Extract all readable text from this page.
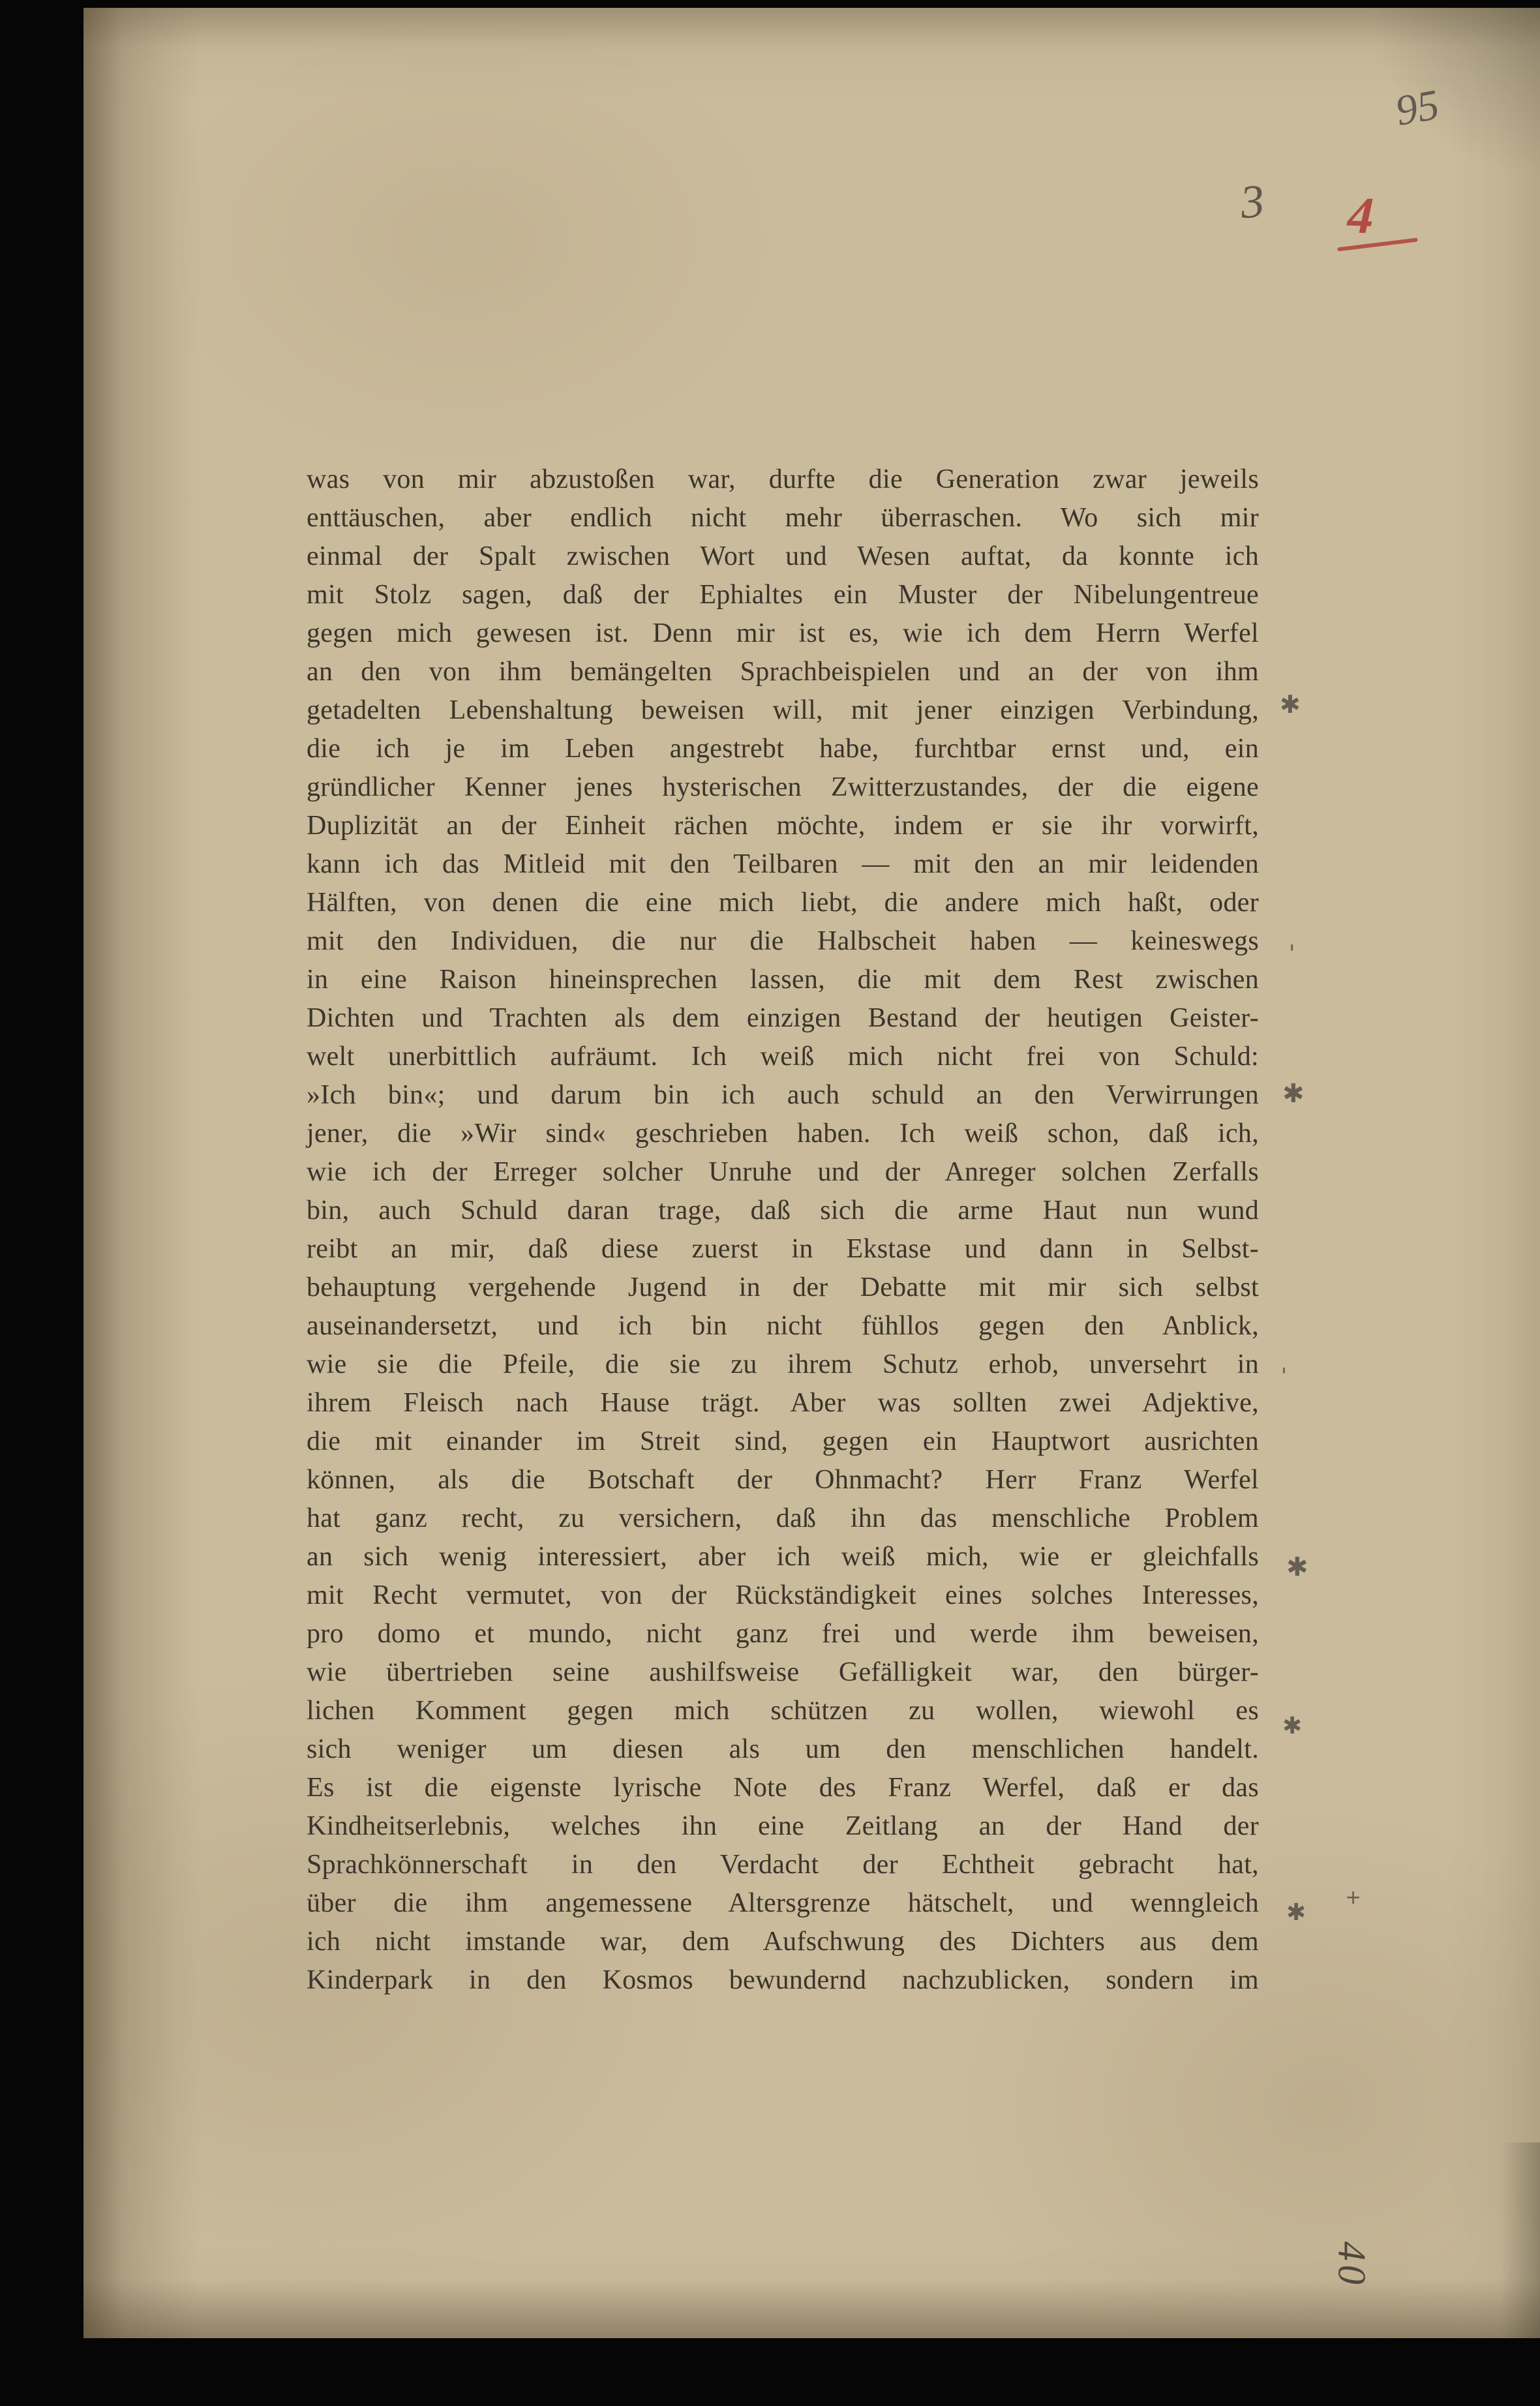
was von mir abzustoßen war, durfte die Generation zwar jeweils
enttäuschen, aber endlich nicht mehr überraschen. Wo sich mir
einmal der Spalt zwischen Wort und Wesen auftat, da konnte ich
mit Stolz sagen, daß der Ephialtes ein Muster der Nibelungentreue
gegen mich gewesen ist. Denn mir ist es, wie ich dem Herrn Werfel
an den von ihm bemängelten Sprachbeispielen und an der von ihm
getadelten Lebenshaltung beweisen will, mit jener einzigen Verbindung,
die ich je im Leben angestrebt habe, furchtbar ernst und, ein
gründlicher Kenner jenes hysterischen Zwitterzustandes, der die eigene
Duplizität an der Einheit rächen möchte, indem er sie ihr vorwirft,
kann ich das Mitleid mit den Teilbaren — mit den an mir leidenden
Hälften, von denen die eine mich liebt, die andere mich haßt, oder
mit den Individuen, die nur die Halbscheit haben — keineswegs
in eine Raison hineinsprechen lassen, die mit dem Rest zwischen
Dichten und Trachten als dem einzigen Bestand der heutigen Geister-
welt unerbittlich aufräumt. Ich weiß mich nicht frei von Schuld:
»Ich bin«; und darum bin ich auch schuld an den Verwirrungen
jener, die »Wir sind« geschrieben haben. Ich weiß schon, daß ich,
wie ich der Erreger solcher Unruhe und der Anreger solchen Zerfalls
bin, auch Schuld daran trage, daß sich die arme Haut nun wund
reibt an mir, daß diese zuerst in Ekstase und dann in Selbst-
behauptung vergehende Jugend in der Debatte mit mir sich selbst
auseinandersetzt, und ich bin nicht fühllos gegen den Anblick,
wie sie die Pfeile, die sie zu ihrem Schutz erhob, unversehrt in
ihrem Fleisch nach Hause trägt. Aber was sollten zwei Adjektive,
die mit einander im Streit sind, gegen ein Hauptwort ausrichten
können, als die Botschaft der Ohnmacht? Herr Franz Werfel
hat ganz recht, zu versichern, daß ihn das menschliche Problem
an sich wenig interessiert, aber ich weiß mich, wie er gleichfalls
mit Recht vermutet, von der Rückständigkeit eines solches Interesses,
pro domo et mundo, nicht ganz frei und werde ihm beweisen,
wie übertrieben seine aushilfsweise Gefälligkeit war, den bürger-
lichen Komment gegen mich schützen zu wollen, wiewohl es
sich weniger um diesen als um den menschlichen handelt.
Es ist die eigenste lyrische Note des Franz Werfel, daß er das
Kindheitserlebnis, welches ihn eine Zeitlang an der Hand der
Sprachkönnerschaft in den Verdacht der Echtheit gebracht hat,
über die ihm angemessene Altersgrenze hätschelt, und wenngleich
ich nicht imstande war, dem Aufschwung des Dichters aus dem
Kinderpark in den Kosmos bewundernd nachzublicken, sondern im
95
3 4
40
✱
'
✱
'
✱
✱
+
✱
